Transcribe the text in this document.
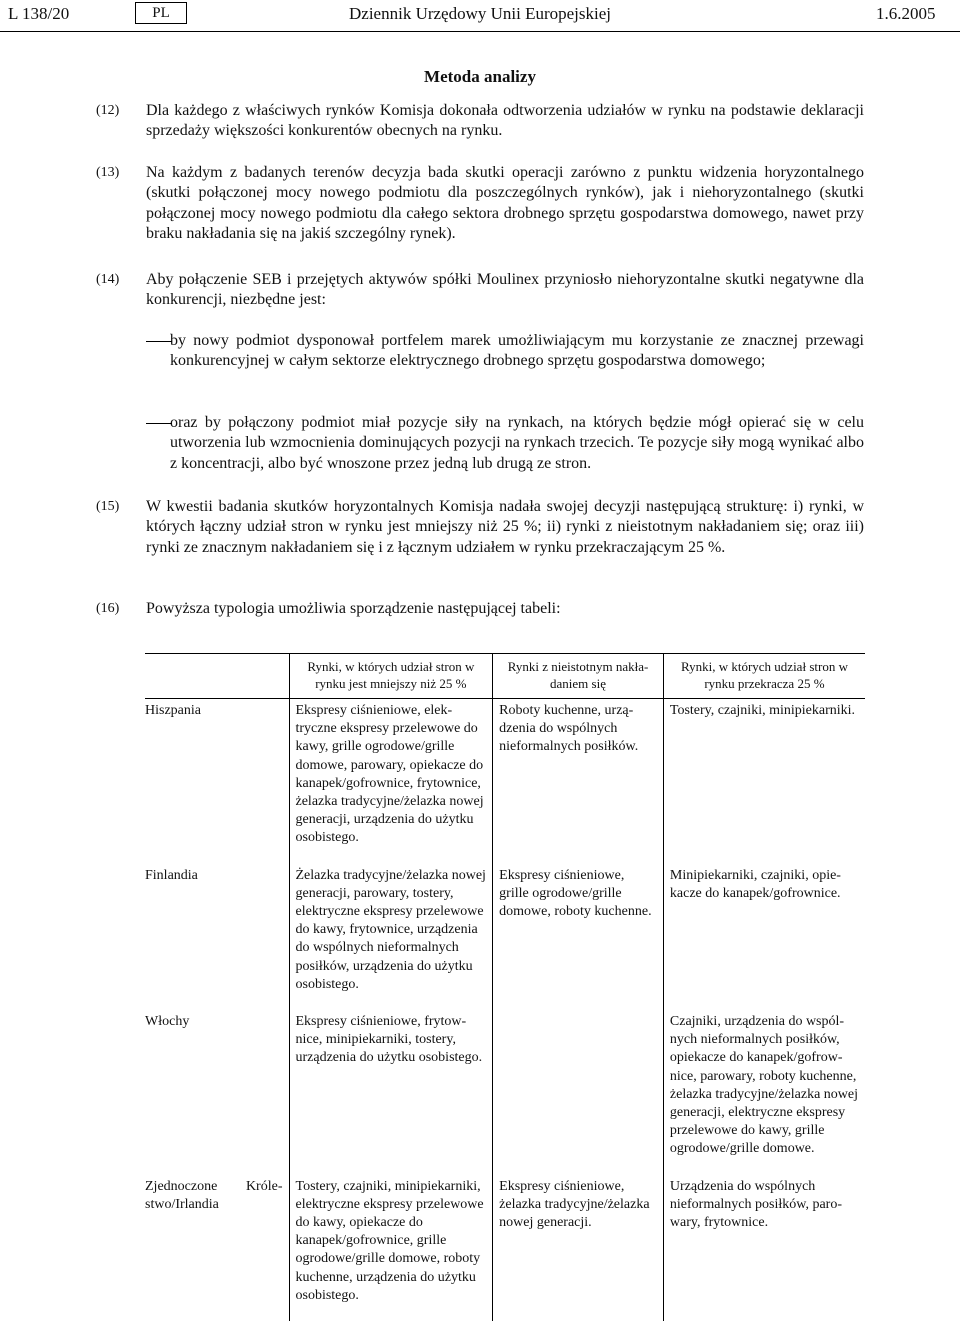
L 138/20	PL	Dziennik Urzędowy Unii Europejskiej	1.6.2005
Metoda analizy
(12) Dla każdego z właściwych rynków Komisja dokonała odtworzenia udziałów w rynku na podstawie deklaracji sprzedaży większości konkurentów obecnych na rynku.
(13) Na każdym z badanych terenów decyzja bada skutki operacji zarówno z punktu widzenia horyzontalnego (skutki połączonej mocy nowego podmiotu dla poszczególnych rynków), jak i niehoryzontalnego (skutki połączonej mocy nowego podmiotu dla całego sektora drobnego sprzętu gospodarstwa domowego, nawet przy braku nakładania się na jakiś szczególny rynek).
(14) Aby połączenie SEB i przejętych aktywów spółki Moulinex przyniosło niehoryzontalne skutki negatywne dla konkurencji, niezbędne jest:
by nowy podmiot dysponował portfelem marek umożliwiającym mu korzystanie ze znacznej przewagi konkurencyjnej w całym sektorze elektrycznego drobnego sprzętu gospodarstwa domowego;
oraz by połączony podmiot miał pozycje siły na rynkach, na których będzie mógł opierać się w celu utworzenia lub wzmocnienia dominujących pozycji na rynkach trzecich. Te pozycje siły mogą wynikać albo z koncentracji, albo być wnoszone przez jedną lub drugą ze stron.
(15) W kwestii badania skutków horyzontalnych Komisja nadała swojej decyzji następującą strukturę: i) rynki, w których łączny udział stron w rynku jest mniejszy niż 25 %; ii) rynki z nieistotnym nakładaniem się; oraz iii) rynki ze znacznym nakładaniem się i z łącznym udziałem w rynku przekraczającym 25 %.
(16) Powyższa typologia umożliwia sporządzenie następującej tabeli:
	Rynki, w których udział stron w rynku jest mniejszy niż 25 %	Rynki z nieistotnym nakładaniem się	Rynki, w których udział stron w rynku przekracza 25 %
Hiszpania	Ekspresy ciśnieniowe, elektryczne ekspresy przelewowe do kawy, grille ogrodowe/grille domowe, parowary, opiekacze do kanapek/gofrownice, frytownice, żelazka tradycyjne/żelazka nowej generacji, urządzenia do użytku osobistego.	Roboty kuchenne, urządzenia do wspólnych nieformalnych posiłków.	Tostery, czajniki, minipiekarniki.
Finlandia	Żelazka tradycyjne/żelazka nowej generacji, parowary, tostery, elektryczne ekspresy przelewowe do kawy, frytownice, urządzenia do wspólnych nieformalnych posiłków, urządzenia do użytku osobistego.	Ekspresy ciśnieniowe, grille ogrodowe/grille domowe, roboty kuchenne.	Minipiekarniki, czajniki, opiekacze do kanapek/gofrownice.
Włochy	Ekspresy ciśnieniowe, frytownice, minipiekarniki, tostery, urządzenia do użytku osobistego.		Czajniki, urządzenia do wspólnych nieformalnych posiłków, opiekacze do kanapek/gofrownice, parowary, roboty kuchenne, żelazka tradycyjne/żelazka nowej generacji, elektryczne ekspresy przelewowe do kawy, grille ogrodowe/grille domowe.
Zjednoczone Królestwo/Irlandia	Tostery, czajniki, minipiekarniki, elektryczne ekspresy przelewowe do kawy, opiekacze do kanapek/gofrownice, grille ogrodowe/grille domowe, roboty kuchenne, urządzenia do użytku osobistego.	Ekspresy ciśnieniowe, żelazka tradycyjne/żelazka nowej generacji.	Urządzenia do wspólnych nieformalnych posiłków, parowary, frytownice.
